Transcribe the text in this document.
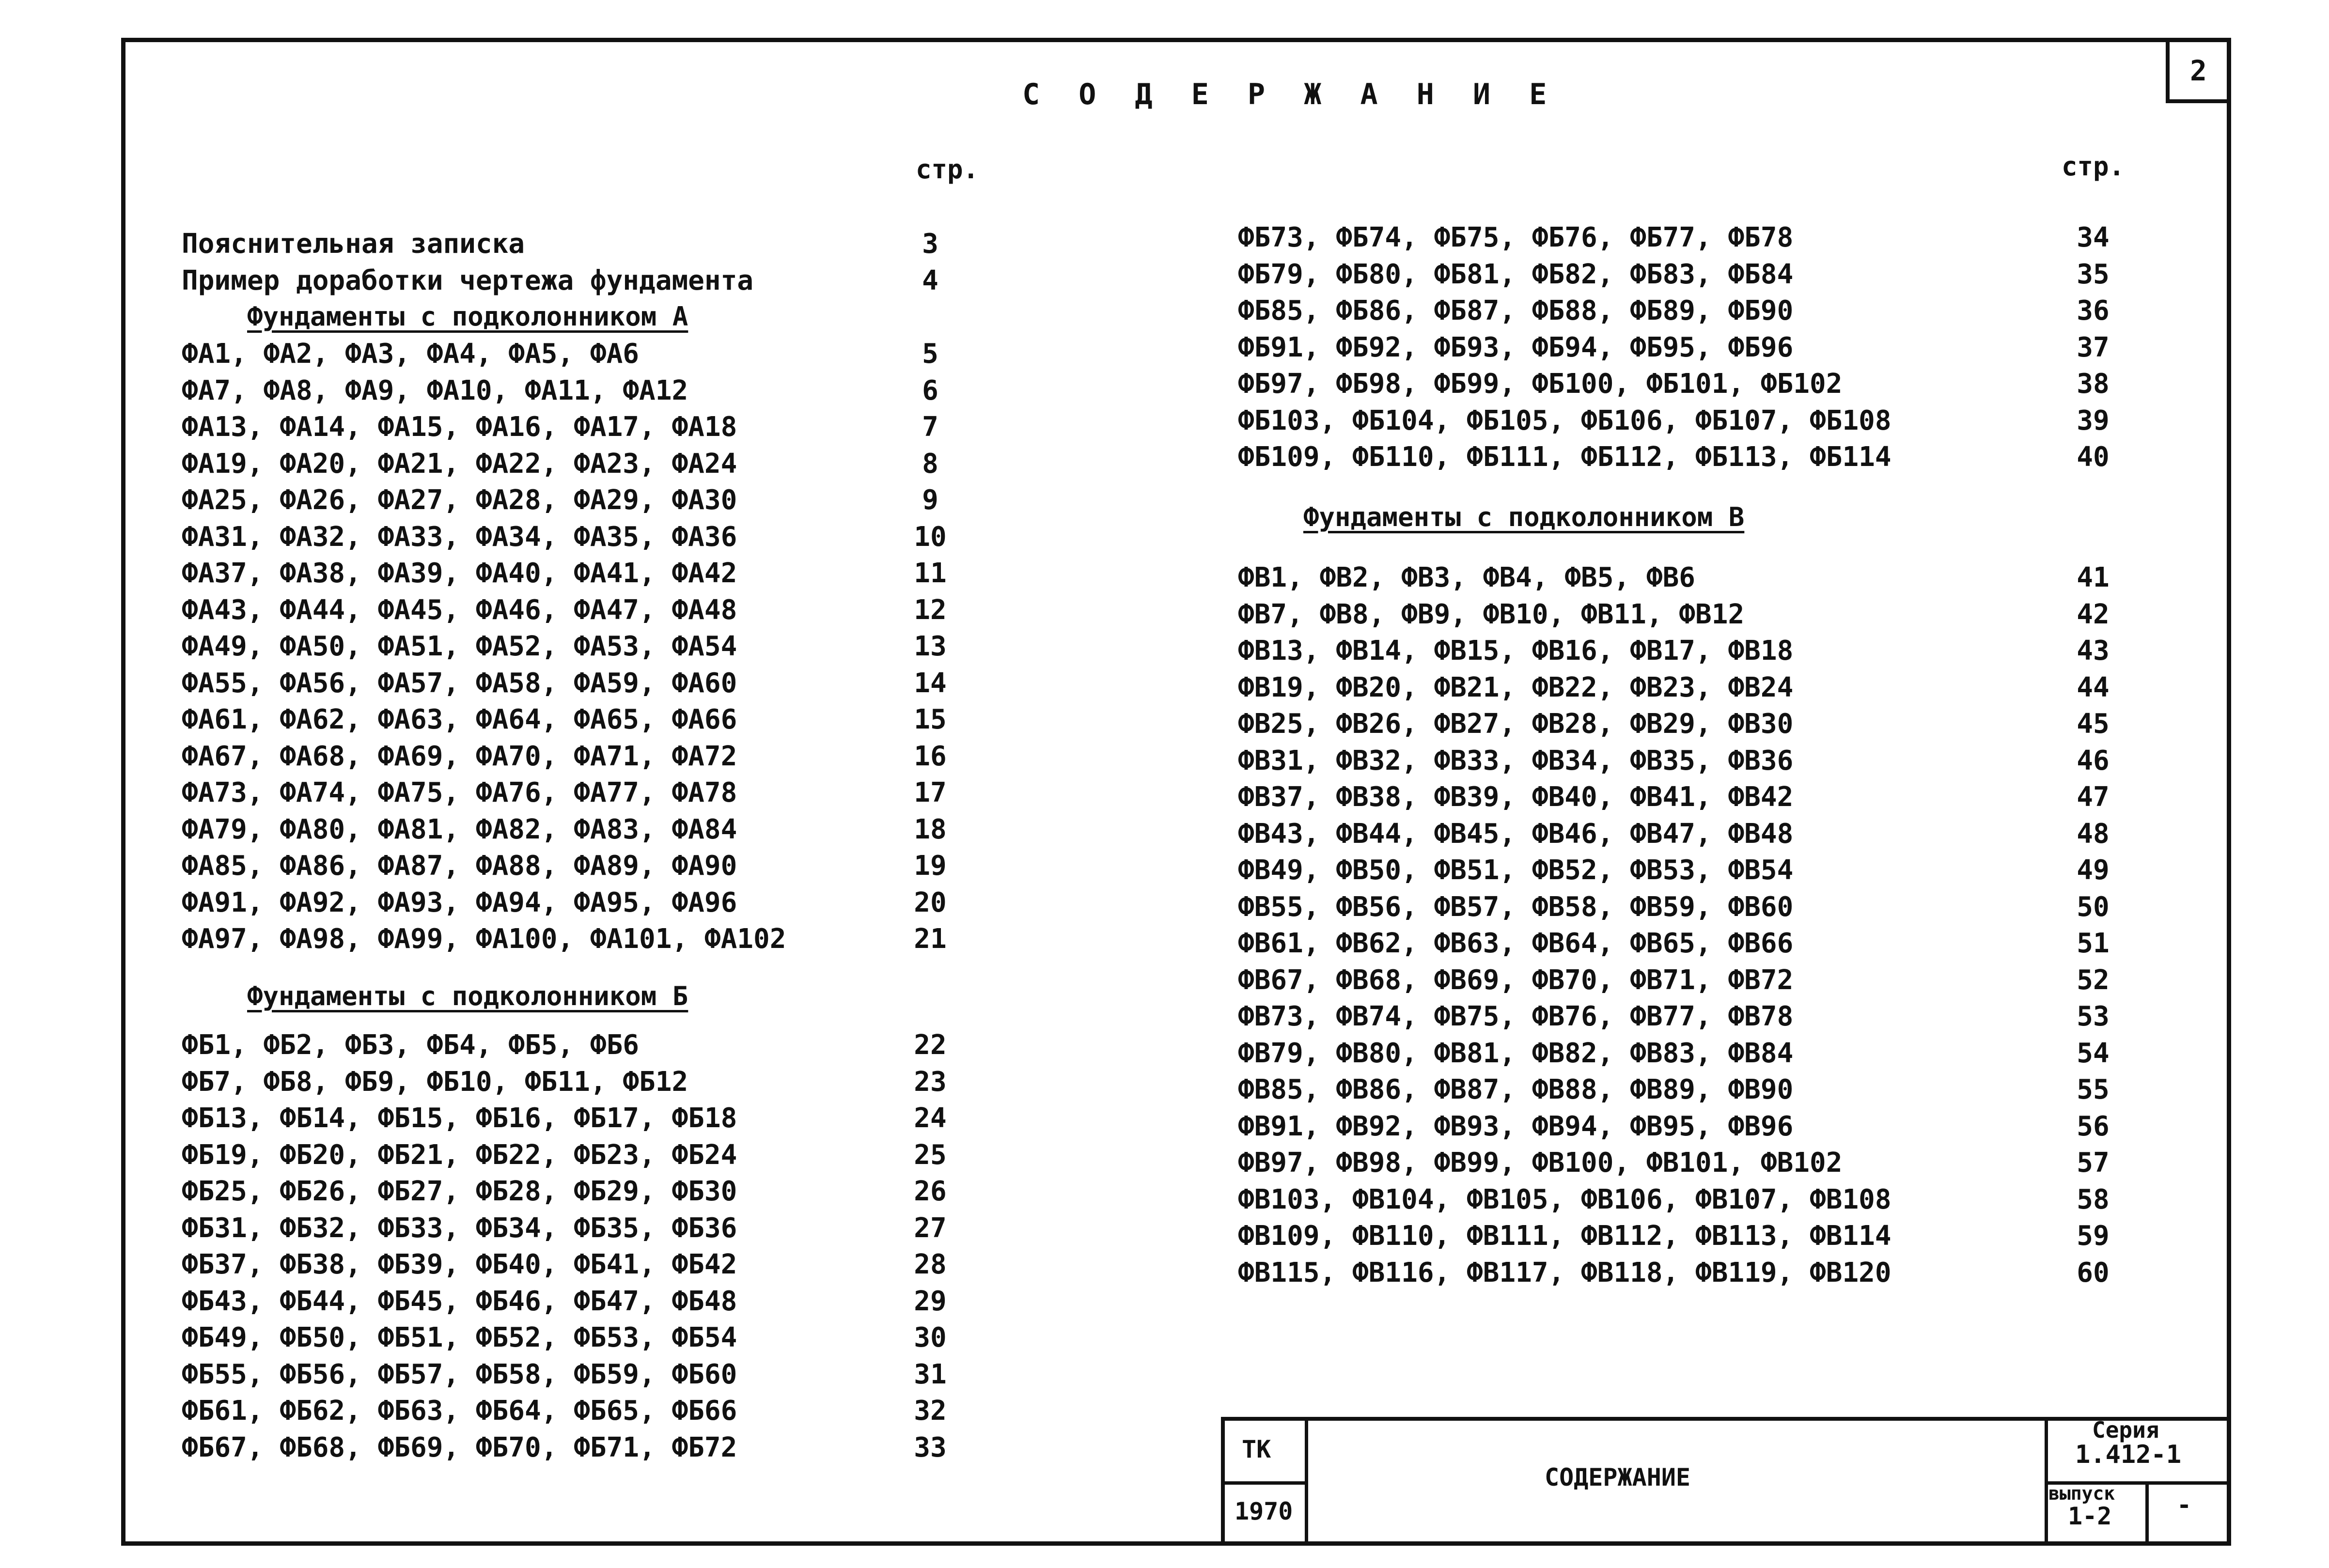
2
С О Д Е Р Ж А Н И Е
стр.	стр.
Пояснительная записка	3
Пример доработки чертежа фундамента	4
Фундаменты с подколонником А
ФА1, ФА2, ФА3, ФА4, ФА5, ФА6	5
ФА7, ФА8, ФА9, ФА10, ФА11, ФА12	6
ФА13, ФА14, ФА15, ФА16, ФА17, ФА18	7
ФА19, ФА20, ФА21, ФА22, ФА23, ФА24	8
ФА25, ФА26, ФА27, ФА28, ФА29, ФА30	9
ФА31, ФА32, ФА33, ФА34, ФА35, ФА36	10
ФА37, ФА38, ФА39, ФА40, ФА41, ФА42	11
ФА43, ФА44, ФА45, ФА46, ФА47, ФА48	12
ФА49, ФА50, ФА51, ФА52, ФА53, ФА54	13
ФА55, ФА56, ФА57, ФА58, ФА59, ФА60	14
ФА61, ФА62, ФА63, ФА64, ФА65, ФА66	15
ФА67, ФА68, ФА69, ФА70, ФА71, ФА72	16
ФА73, ФА74, ФА75, ФА76, ФА77, ФА78	17
ФА79, ФА80, ФА81, ФА82, ФА83, ФА84	18
ФА85, ФА86, ФА87, ФА88, ФА89, ФА90	19
ФА91, ФА92, ФА93, ФА94, ФА95, ФА96	20
ФА97, ФА98, ФА99, ФА100, ФА101, ФА102	21
Фундаменты с подколонником Б
ФБ1, ФБ2, ФБ3, ФБ4, ФБ5, ФБ6	22
ФБ7, ФБ8, ФБ9, ФБ10, ФБ11, ФБ12	23
ФБ13, ФБ14, ФБ15, ФБ16, ФБ17, ФБ18	24
ФБ19, ФБ20, ФБ21, ФБ22, ФБ23, ФБ24	25
ФБ25, ФБ26, ФБ27, ФБ28, ФБ29, ФБ30	26
ФБ31, ФБ32, ФБ33, ФБ34, ФБ35, ФБ36	27
ФБ37, ФБ38, ФБ39, ФБ40, ФБ41, ФБ42	28
ФБ43, ФБ44, ФБ45, ФБ46, ФБ47, ФБ48	29
ФБ49, ФБ50, ФБ51, ФБ52, ФБ53, ФБ54	30
ФБ55, ФБ56, ФБ57, ФБ58, ФБ59, ФБ60	31
ФБ61, ФБ62, ФБ63, ФБ64, ФБ65, ФБ66	32
ФБ67, ФБ68, ФБ69, ФБ70, ФБ71, ФБ72	33
ФБ73, ФБ74, ФБ75, ФБ76, ФБ77, ФБ78	34
ФБ79, ФБ80, ФБ81, ФБ82, ФБ83, ФБ84	35
ФБ85, ФБ86, ФБ87, ФБ88, ФБ89, ФБ90	36
ФБ91, ФБ92, ФБ93, ФБ94, ФБ95, ФБ96	37
ФБ97, ФБ98, ФБ99, ФБ100, ФБ101, ФБ102	38
ФБ103, ФБ104, ФБ105, ФБ106, ФБ107, ФБ108	39
ФБ109, ФБ110, ФБ111, ФБ112, ФБ113, ФБ114	40
Фундаменты с подколонником В
ФВ1, ФВ2, ФВ3, ФВ4, ФВ5, ФВ6	41
ФВ7, ФВ8, ФВ9, ФВ10, ФВ11, ФВ12	42
ФВ13, ФВ14, ФВ15, ФВ16, ФВ17, ФВ18	43
ФВ19, ФВ20, ФВ21, ФВ22, ФВ23, ФВ24	44
ФВ25, ФВ26, ФВ27, ФВ28, ФВ29, ФВ30	45
ФВ31, ФВ32, ФВ33, ФВ34, ФВ35, ФВ36	46
ФВ37, ФВ38, ФВ39, ФВ40, ФВ41, ФВ42	47
ФВ43, ФВ44, ФВ45, ФВ46, ФВ47, ФВ48	48
ФВ49, ФВ50, ФВ51, ФВ52, ФВ53, ФВ54	49
ФВ55, ФВ56, ФВ57, ФВ58, ФВ59, ФВ60	50
ФВ61, ФВ62, ФВ63, ФВ64, ФВ65, ФВ66	51
ФВ67, ФВ68, ФВ69, ФВ70, ФВ71, ФВ72	52
ФВ73, ФВ74, ФВ75, ФВ76, ФВ77, ФВ78	53
ФВ79, ФВ80, ФВ81, ФВ82, ФВ83, ФВ84	54
ФВ85, ФВ86, ФВ87, ФВ88, ФВ89, ФВ90	55
ФВ91, ФВ92, ФВ93, ФВ94, ФВ95, ФВ96	56
ФВ97, ФВ98, ФВ99, ФВ100, ФВ101, ФВ102	57
ФВ103, ФВ104, ФВ105, ФВ106, ФВ107, ФВ108	58
ФВ109, ФВ110, ФВ111, ФВ112, ФВ113, ФВ114	59
ФВ115, ФВ116, ФВ117, ФВ118, ФВ119, ФВ120	60
ТК
1970
СОДЕРЖАНИЕ
Серия
1.412-1
выпуск
1-2	-
